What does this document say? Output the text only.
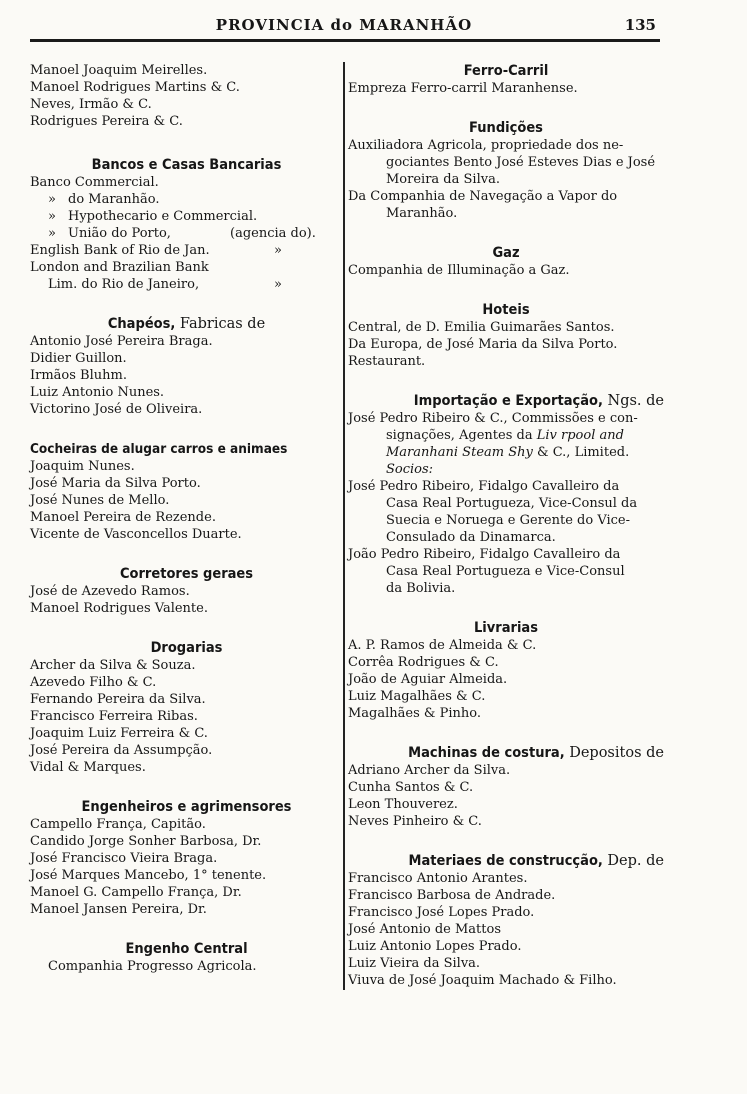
PROVINCIA do MARANHÃO	135
Manoel Joaquim Meirelles.
Manoel Rodrigues Martins & C.
Neves, Irmão & C.
Rodrigues Pereira & C.
Bancos e Casas Bancarias
Banco Commercial.
» do Maranhão.
» Hypothecario e Commercial.
» União do Porto,	(agencia do).
English Bank of Rio de Jan.	»
London and Brazilian Bank
Lim. do Rio de Janeiro,	»
Chapéos, Fabricas de
Antonio José Pereira Braga.
Didier Guillon.
Irmãos Bluhm.
Luiz Antonio Nunes.
Victorino José de Oliveira.
Cocheiras de alugar carros e animaes
Joaquim Nunes.
José Maria da Silva Porto.
José Nunes de Mello.
Manoel Pereira de Rezende.
Vicente de Vasconcellos Duarte.
Corretores geraes
José de Azevedo Ramos.
Manoel Rodrigues Valente.
Drogarias
Archer da Silva & Souza.
Azevedo Filho & C.
Fernando Pereira da Silva.
Francisco Ferreira Ribas.
Joaquim Luiz Ferreira & C.
José Pereira da Assumpção.
Vidal & Marques.
Engenheiros e agrimensores
Campello França, Capitão.
Candido Jorge Sonher Barbosa, Dr.
José Francisco Vieira Braga.
José Marques Mancebo, 1° tenente.
Manoel G. Campello França, Dr.
Manoel Jansen Pereira, Dr.
Engenho Central
Companhia Progresso Agricola.
Ferro-Carril
Empreza Ferro-carril Maranhense.
Fundições
Auxiliadora Agricola, propriedade dos ne-
gociantes Bento José Esteves Dias e José
Moreira da Silva.
Da Companhia de Navegação a Vapor do
Maranhão.
Gaz
Companhia de Illuminação a Gaz.
Hoteis
Central, de D. Emilia Guimarães Santos.
Da Europa, de José Maria da Silva Porto.
Restaurant.
Importação e Exportação, Ngs. de
José Pedro Ribeiro & C., Commissões e con-
signações, Agentes da Liv rpool and
Maranhani Steam Shy & C., Limited.
Socios:
José Pedro Ribeiro, Fidalgo Cavalleiro da
Casa Real Portugueza, Vice-Consul da
Suecia e Noruega e Gerente do Vice-
Consulado da Dinamarca.
João Pedro Ribeiro, Fidalgo Cavalleiro da
Casa Real Portugueza e Vice-Consul
da Bolivia.
Livrarias
A. P. Ramos de Almeida & C.
Corrêa Rodrigues & C.
João de Aguiar Almeida.
Luiz Magalhães & C.
Magalhães & Pinho.
Machinas de costura, Depositos de
Adriano Archer da Silva.
Cunha Santos & C.
Leon Thouverez.
Neves Pinheiro & C.
Materiaes de construcção, Dep. de
Francisco Antonio Arantes.
Francisco Barbosa de Andrade.
Francisco José Lopes Prado.
José Antonio de Mattos
Luiz Antonio Lopes Prado.
Luiz Vieira da Silva.
Viuva de José Joaquim Machado & Filho.
